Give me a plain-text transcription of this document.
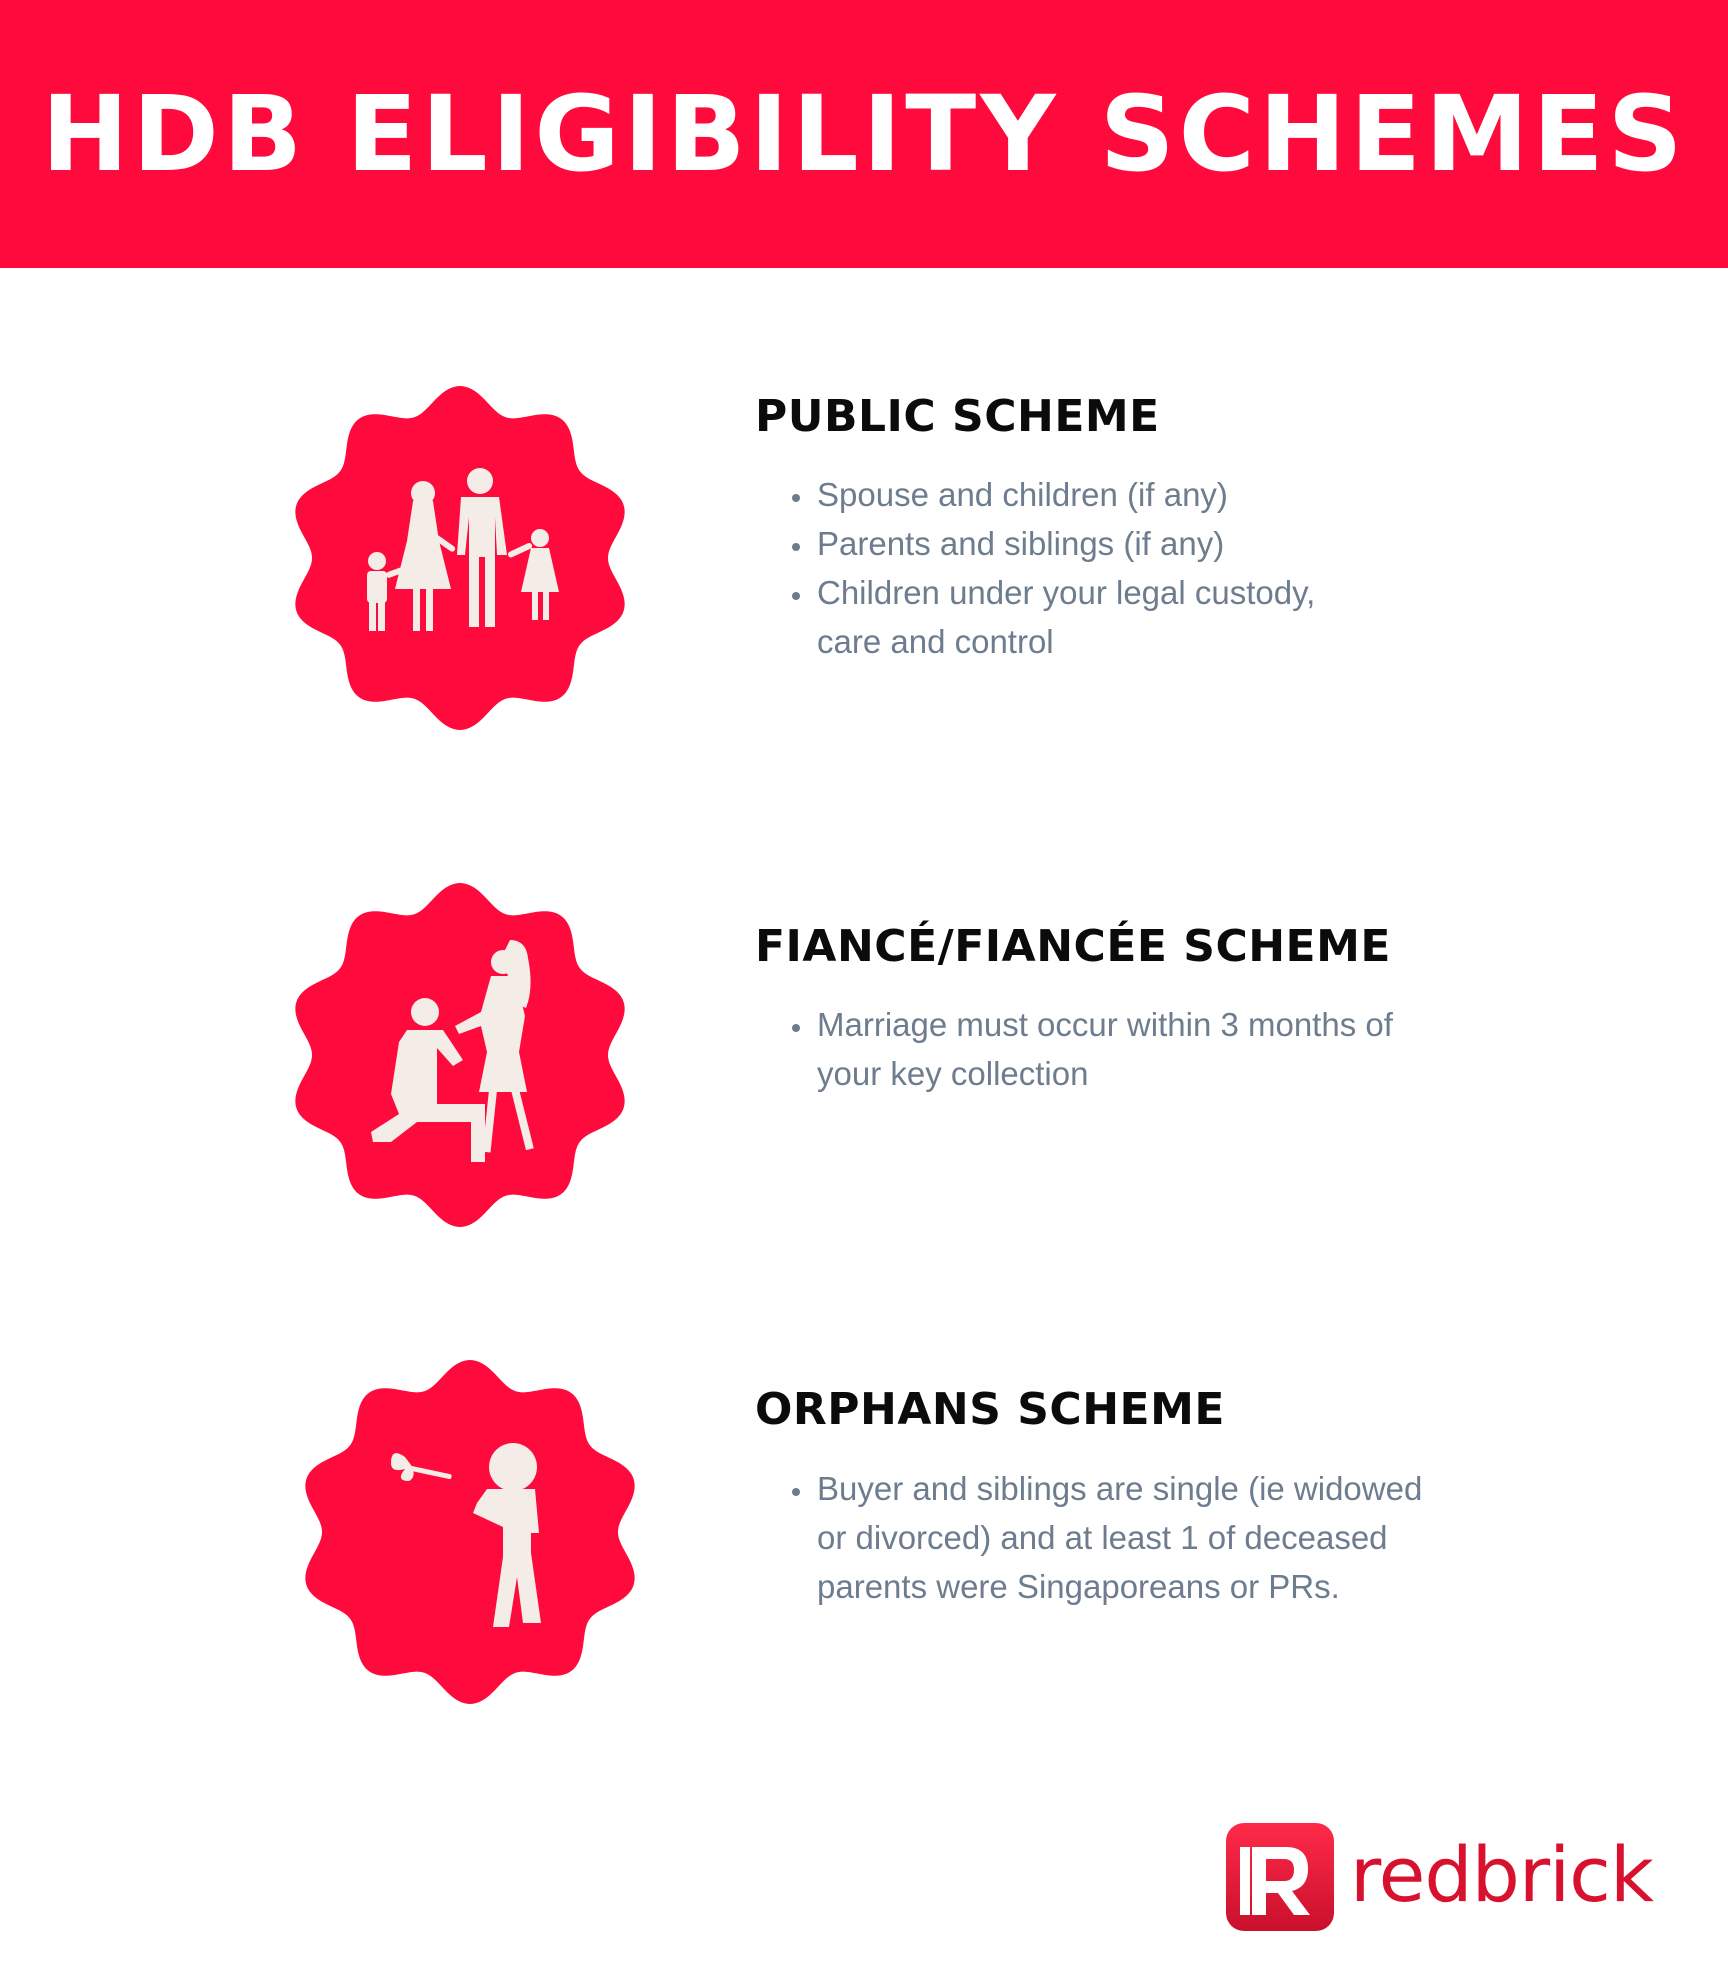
HDB ELIGIBILITY SCHEMES
PUBLIC SCHEME
• Spouse and children (if any)
• Parents and siblings (if any)
• Children under your legal custody, care and control
FIANCÉ/FIANCÉE SCHEME
• Marriage must occur within 3 months of your key collection
ORPHANS SCHEME
• Buyer and siblings are single (ie widowed or divorced) and at least 1 of deceased parents were Singaporeans or PRs.
redbrick
